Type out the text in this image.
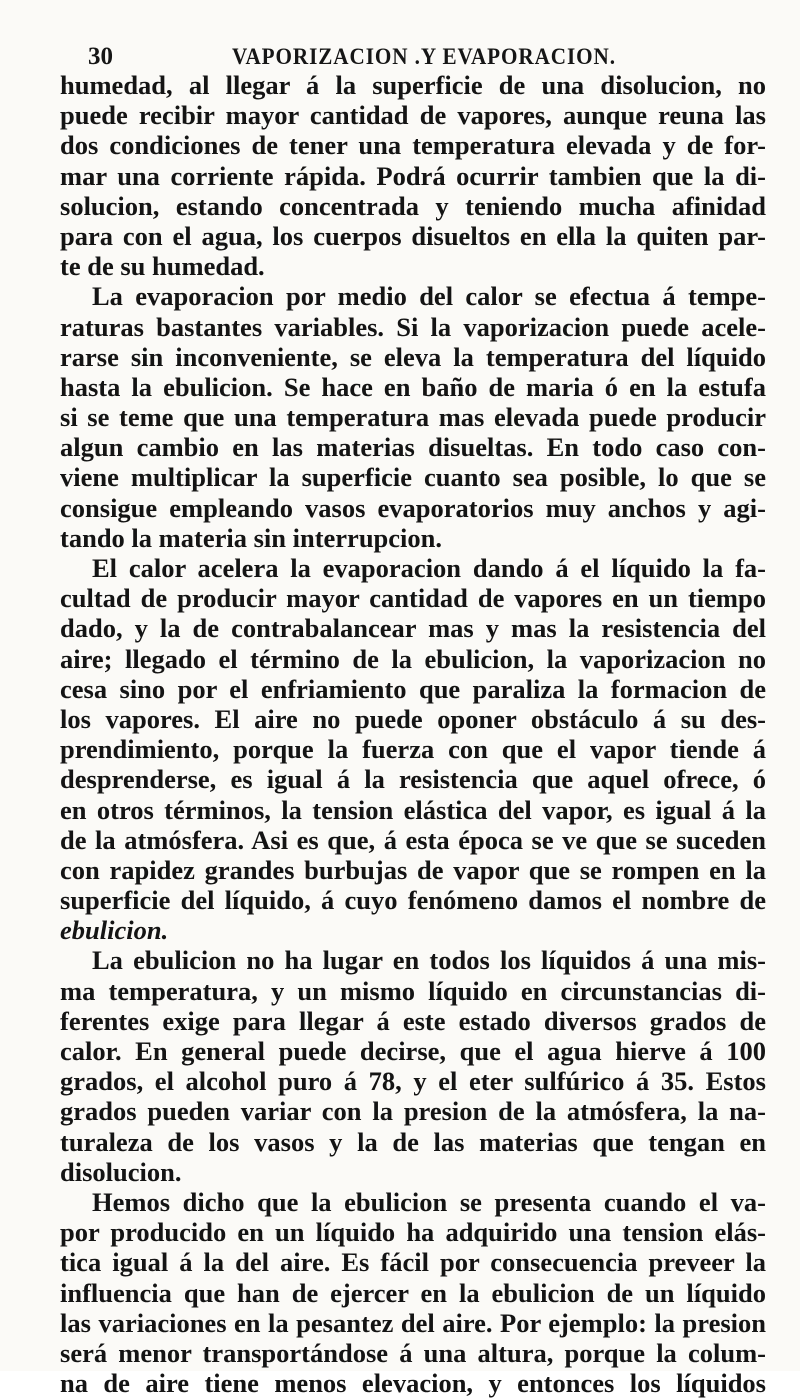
30	VAPORIZACION .Y EVAPORACION.
humedad, al llegar á la superficie de una disolucion, no
puede recibir mayor cantidad de vapores, aunque reuna las
dos condiciones de tener una temperatura elevada y de for-
mar una corriente rápida. Podrá ocurrir tambien que la di-
solucion, estando concentrada y teniendo mucha afinidad
para con el agua, los cuerpos disueltos en ella la quiten par-
te de su humedad.
La evaporacion por medio del calor se efectua á tempe-
raturas bastantes variables. Si la vaporizacion puede acele-
rarse sin inconveniente, se eleva la temperatura del líquido
hasta la ebulicion. Se hace en baño de maria ó en la estufa
si se teme que una temperatura mas elevada puede producir
algun cambio en las materias disueltas. En todo caso con-
viene multiplicar la superficie cuanto sea posible, lo que se
consigue empleando vasos evaporatorios muy anchos y agi-
tando la materia sin interrupcion.
El calor acelera la evaporacion dando á el líquido la fa-
cultad de producir mayor cantidad de vapores en un tiempo
dado, y la de contrabalancear mas y mas la resistencia del
aire; llegado el término de la ebulicion, la vaporizacion no
cesa sino por el enfriamiento que paraliza la formacion de
los vapores. El aire no puede oponer obstáculo á su des-
prendimiento, porque la fuerza con que el vapor tiende á
desprenderse, es igual á la resistencia que aquel ofrece, ó
en otros términos, la tension elástica del vapor, es igual á la
de la atmósfera. Asi es que, á esta época se ve que se suceden
con rapidez grandes burbujas de vapor que se rompen en la
superficie del líquido, á cuyo fenómeno damos el nombre de
ebulicion.
La ebulicion no ha lugar en todos los líquidos á una mis-
ma temperatura, y un mismo líquido en circunstancias di-
ferentes exige para llegar á este estado diversos grados de
calor. En general puede decirse, que el agua hierve á 100
grados, el alcohol puro á 78, y el eter sulfúrico á 35. Estos
grados pueden variar con la presion de la atmósfera, la na-
turaleza de los vasos y la de las materias que tengan en
disolucion.
Hemos dicho que la ebulicion se presenta cuando el va-
por producido en un líquido ha adquirido una tension elás-
tica igual á la del aire. Es fácil por consecuencia preveer la
influencia que han de ejercer en la ebulicion de un líquido
las variaciones en la pesantez del aire. Por ejemplo: la presion
será menor transportándose á una altura, porque la colum-
na de aire tiene menos elevacion, y entonces los líquidos
